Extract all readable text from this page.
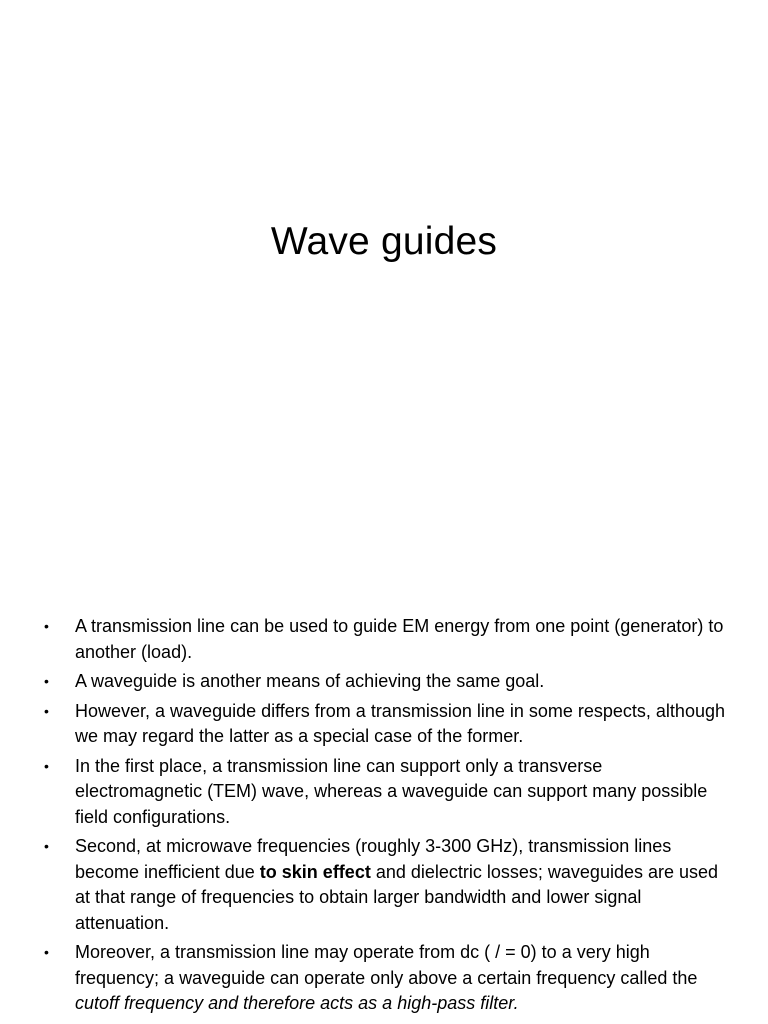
Wave guides
• A transmission line can be used to guide EM energy from one point (generator) to another (load).
• A waveguide is another means of achieving the same goal.
• However, a waveguide differs from a transmission line in some respects, although we may regard the latter as a special case of the former.
• In the first place, a transmission line can support only a transverse electromagnetic (TEM) wave, whereas a waveguide can support many possible field configurations.
• Second, at microwave frequencies (roughly 3-300 GHz), transmission lines become inefficient due to skin effect and dielectric losses; waveguides are used at that range of frequencies to obtain larger bandwidth and lower signal attenuation.
• Moreover, a transmission line may operate from dc ( / = 0) to a very high frequency; a waveguide can operate only above a certain frequency called the cutoff frequency and therefore acts as a high-pass filter.
